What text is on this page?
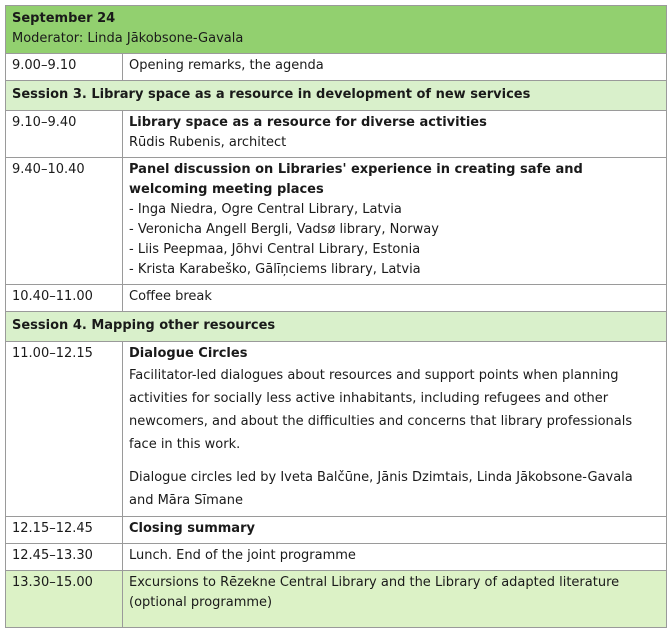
September 24
Moderator: Linda Jākobsone-Gavala	

9.00–9.10	Opening remarks, the agenda
Session 3. Library space as a resource in development of new services	
9.10–9.40	Library space as a resource for diverse activities
Rūdis Rubenis, architect

9.40–10.40	Panel discussion on Libraries' experience in creating safe and welcoming meeting places
- Inga Niedra, Ogre Central Library, Latvia
- Veronicha Angell Bergli, Vadsø library, Norway
- Liis Peepmaa, Jõhvi Central Library, Estonia
- Krista Karabeško, Gālīņciems library, Latvia

10.40–11.00	Coffee break
Session 4. Mapping other resources	
11.00–12.15	Dialogue Circles

Facilitator-led dialogues about resources and support points when planning activities for socially less active inhabitants, including refugees and other newcomers, and about the difficulties and concerns that library professionals face in this work.

Dialogue circles led by Iveta Balčūne, Jānis Dzimtais, Linda Jākobsone-Gavala and Māra Sīmane

12.15–12.45	Closing summary
12.45–13.30	Lunch. End of the joint programme
13.30–15.00	Excursions to Rēzekne Central Library and the Library of adapted literature (optional programme)
